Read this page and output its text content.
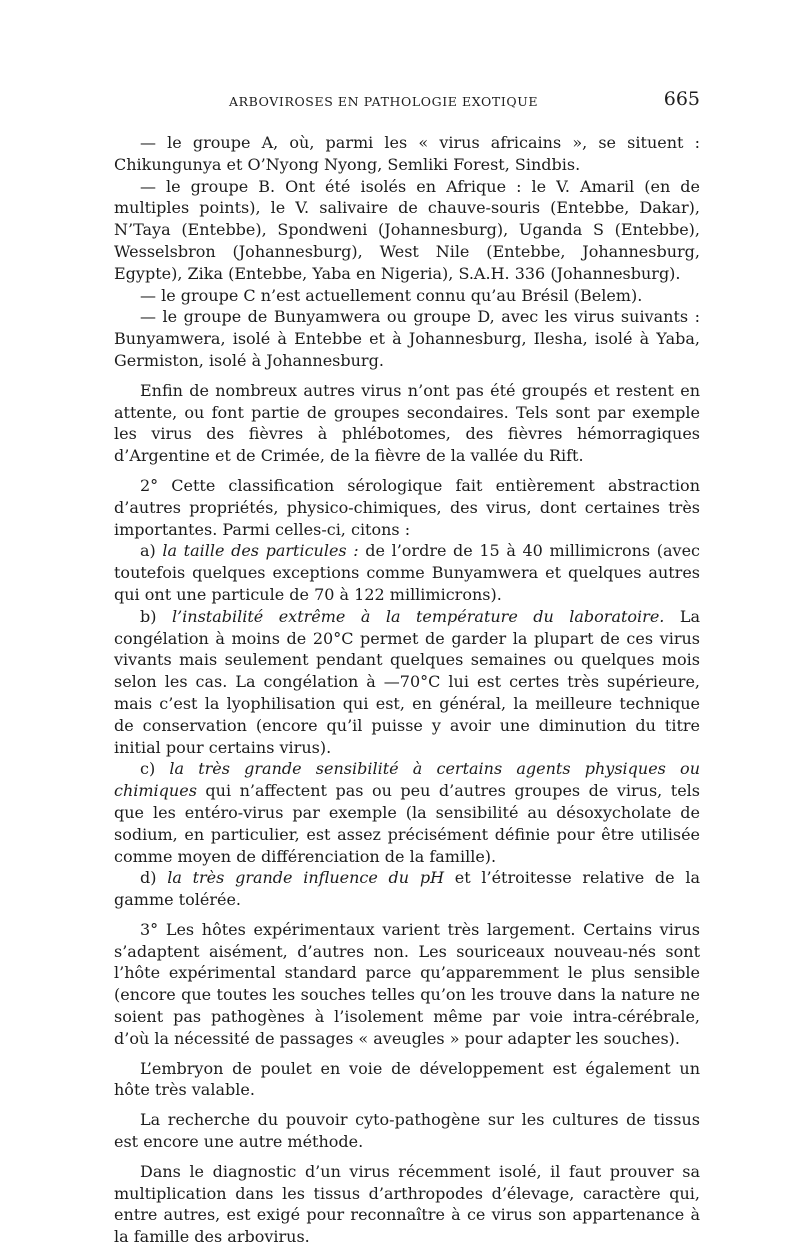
ARBOVIROSES EN PATHOLOGIE EXOTIQUE	665

— le groupe A, où, parmi les « virus africains », se situent : Chikungunya et O’Nyong Nyong, Semliki Forest, Sindbis.

— le groupe B. Ont été isolés en Afrique : le V. Amaril (en de multiples points), le V. salivaire de chauve-souris (Entebbe, Dakar), N’Taya (Entebbe), Spondweni (Johannesburg), Uganda S (Entebbe), Wesselsbron (Johannesburg), West Nile (Entebbe, Johannesburg, Egypte), Zika (Entebbe, Yaba en Nigeria), S.A.H. 336 (Johannesburg).

— le groupe C n’est actuellement connu qu’au Brésil (Belem).

— le groupe de Bunyamwera ou groupe D, avec les virus suivants : Bunyamwera, isolé à Entebbe et à Johannesburg, Ilesha, isolé à Yaba, Germiston, isolé à Johannesburg.

Enfin de nombreux autres virus n’ont pas été groupés et restent en attente, ou font partie de groupes secondaires. Tels sont par exemple les virus des fièvres à phlébotomes, des fièvres hémorragiques d’Argentine et de Crimée, de la fièvre de la vallée du Rift.

2° Cette classification sérologique fait entièrement abstraction d’autres propriétés, physico-chimiques, des virus, dont certaines très importantes. Parmi celles-ci, citons :

a) la taille des particules : de l’ordre de 15 à 40 millimicrons (avec toutefois quelques exceptions comme Bunyamwera et quelques autres qui ont une particule de 70 à 122 millimicrons).

b) l’instabilité extrême à la température du laboratoire. La congélation à moins de 20°C permet de garder la plupart de ces virus vivants mais seulement pendant quelques semaines ou quelques mois selon les cas. La congélation à —70°C lui est certes très supérieure, mais c’est la lyophilisation qui est, en général, la meilleure technique de conservation (encore qu’il puisse y avoir une diminution du titre initial pour certains virus).

c) la très grande sensibilité à certains agents physiques ou chimiques qui n’affectent pas ou peu d’autres groupes de virus, tels que les entéro-virus par exemple (la sensibilité au désoxycholate de sodium, en particulier, est assez précisément définie pour être utilisée comme moyen de différenciation de la famille).

d) la très grande influence du pH et l’étroitesse relative de la gamme tolérée.

3° Les hôtes expérimentaux varient très largement. Certains virus s’adaptent aisément, d’autres non. Les souriceaux nouveau-nés sont l’hôte expérimental standard parce qu’apparemment le plus sensible (encore que toutes les souches telles qu’on les trouve dans la nature ne soient pas pathogènes à l’isolement même par voie intra-cérébrale, d’où la nécessité de passages « aveugles » pour adapter les souches).

L’embryon de poulet en voie de développement est également un hôte très valable.

La recherche du pouvoir cyto-pathogène sur les cultures de tissus est encore une autre méthode.

Dans le diagnostic d’un virus récemment isolé, il faut prouver sa multiplication dans les tissus d’arthropodes d’élevage, caractère qui, entre autres, est exigé pour reconnaître à ce virus son appartenance à la famille des arbovirus.
